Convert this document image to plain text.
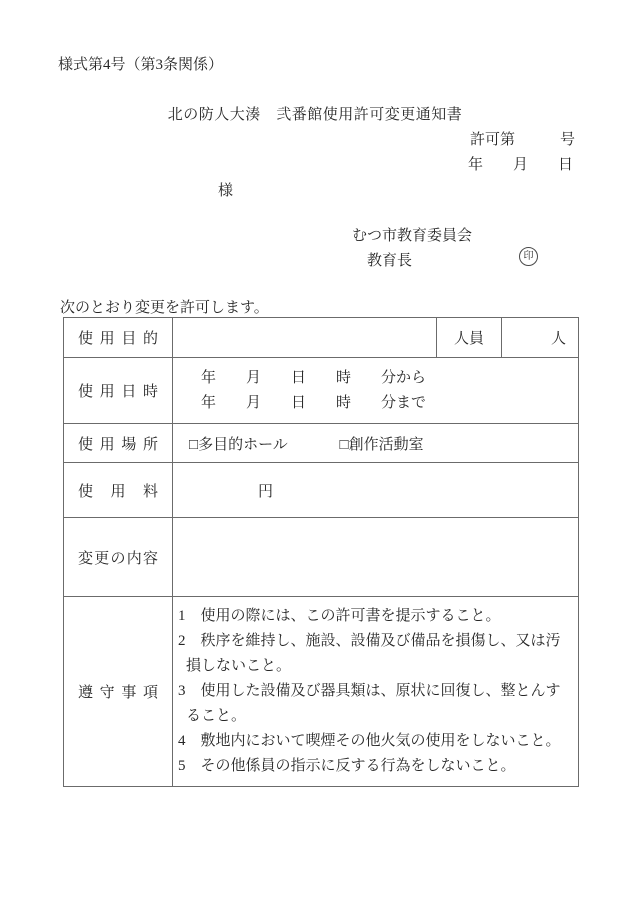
様式第4号（第3条関係）
北の防人大湊　弐番館使用許可変更通知書
許可第　　　号
年　　月　　日
様
むつ市教育委員会
教育長	印
次のとおり変更を許可します。
使用目的		人員	人

使用日時	年　　月　　日　　時　　分から
年　　月　　日　　時　　分まで		

使用場所	□多目的ホール □創作活動室		

使　用　料	円		

変更の内容			

遵守事項	1　使用の際には、この許可書を提示すること。
2　秩序を維持し、施設、設備及び備品を損傷し、又は汚損しないこと。
3　使用した設備及び器具類は、原状に回復し、整とんすること。
4　敷地内において喫煙その他火気の使用をしないこと。
5　その他係員の指示に反する行為をしないこと。		
